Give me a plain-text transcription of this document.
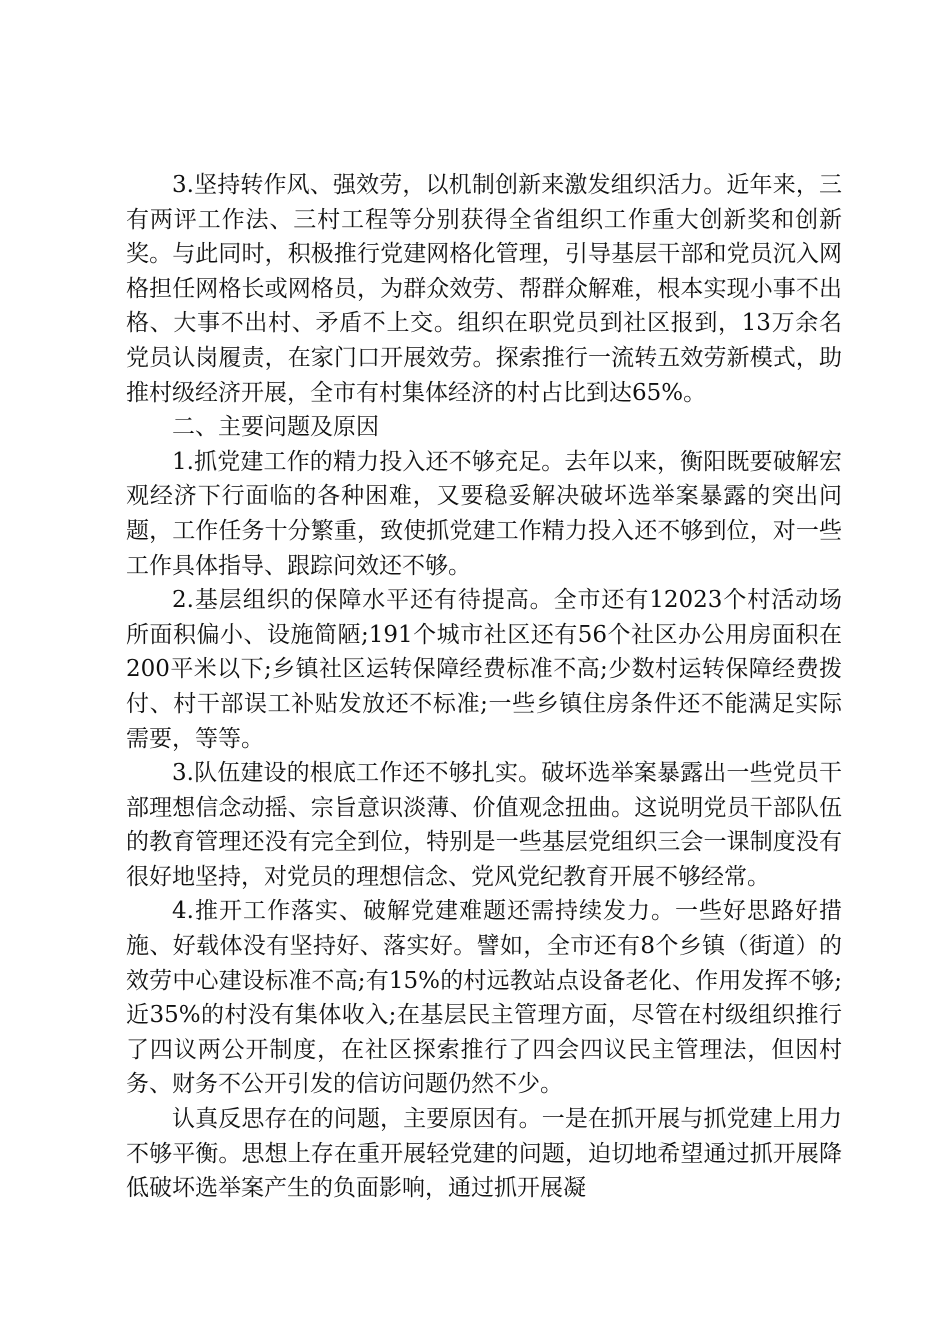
3.坚持转作风、强效劳，以机制创新来激发组织活力。近年来，三有两评工作法、三村工程等分别获得全省组织工作重大创新奖和创新奖。与此同时，积极推行党建网格化管理，引导基层干部和党员沉入网格担任网格长或网格员，为群众效劳、帮群众解难，根本实现小事不出格、大事不出村、矛盾不上交。组织在职党员到社区报到，13万余名党员认岗履责，在家门口开展效劳。探索推行一流转五效劳新模式，助推村级经济开展，全市有村集体经济的村占比到达65%。

二、主要问题及原因

1.抓党建工作的精力投入还不够充足。去年以来，衡阳既要破解宏观经济下行面临的各种困难，又要稳妥解决破坏选举案暴露的突出问题，工作任务十分繁重，致使抓党建工作精力投入还不够到位，对一些工作具体指导、跟踪问效还不够。

2.基层组织的保障水平还有待提高。全市还有12023个村活动场所面积偏小、设施简陋;191个城市社区还有56个社区办公用房面积在200平米以下;乡镇社区运转保障经费标准不高;少数村运转保障经费拨付、村干部误工补贴发放还不标准;一些乡镇住房条件还不能满足实际需要，等等。

3.队伍建设的根底工作还不够扎实。破坏选举案暴露出一些党员干部理想信念动摇、宗旨意识淡薄、价值观念扭曲。这说明党员干部队伍的教育管理还没有完全到位，特别是一些基层党组织三会一课制度没有很好地坚持，对党员的理想信念、党风党纪教育开展不够经常。

4.推开工作落实、破解党建难题还需持续发力。一些好思路好措施、好载体没有坚持好、落实好。譬如，全市还有8个乡镇（街道）的效劳中心建设标准不高;有15%的村远教站点设备老化、作用发挥不够;近35%的村没有集体收入;在基层民主管理方面，尽管在村级组织推行了四议两公开制度，在社区探索推行了四会四议民主管理法，但因村务、财务不公开引发的信访问题仍然不少。

认真反思存在的问题，主要原因有。一是在抓开展与抓党建上用力不够平衡。思想上存在重开展轻党建的问题，迫切地希望通过抓开展降低破坏选举案产生的负面影响，通过抓开展凝
